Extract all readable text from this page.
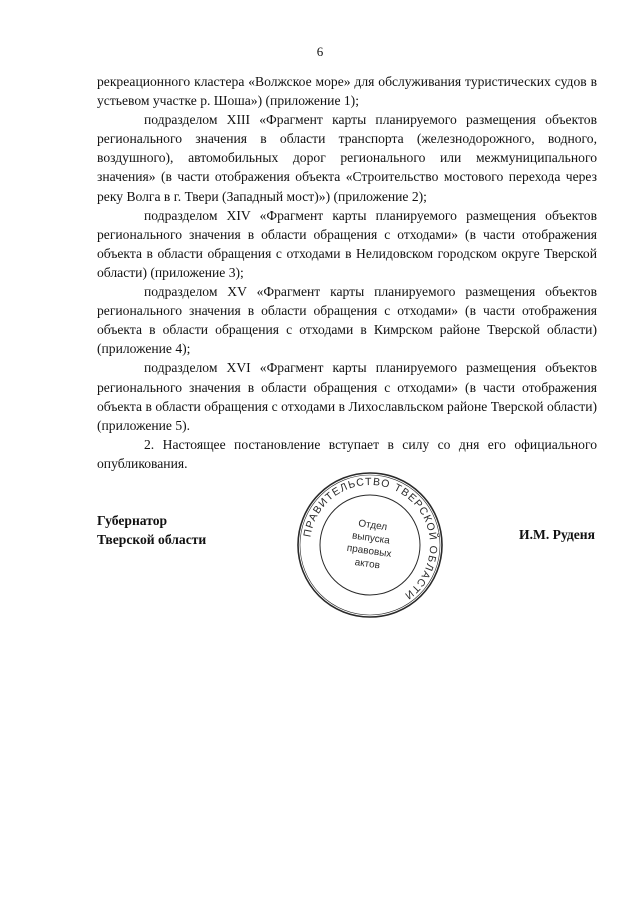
6

рекреационного кластера «Волжское море» для обслуживания туристических судов в устьевом участке р. Шоша») (приложение 1);

подразделом XIII «Фрагмент карты планируемого размещения объектов регионального значения в области транспорта (железнодорожного, водного, воздушного), автомобильных дорог регионального или межмуниципального значения» (в части отображения объекта «Строительство мостового перехода через реку Волга в г. Твери (Западный мост)») (приложение 2);

подразделом XIV «Фрагмент карты планируемого размещения объектов регионального значения в области обращения с отходами» (в части отображения объекта в области обращения с отходами в Нелидовском городском округе Тверской области) (приложение 3);

подразделом XV «Фрагмент карты планируемого размещения объектов регионального значения в области обращения с отходами» (в части отображения объекта в области обращения с отходами в Кимрском районе Тверской области) (приложение 4);

подразделом XVI «Фрагмент карты планируемого размещения объектов регионального значения в области обращения с отходами» (в части отображения объекта в области обращения с отходами в Лихославльском районе Тверской области) (приложение 5).

2. Настоящее постановление вступает в силу со дня его официального опубликования.

Губернатор
Тверской области	И.М. Руденя
ПРАВИТЕЛЬСТВО ТВЕРСКОЙ ОБЛАСТИ
Отдел
выпуска
правовых
актов
